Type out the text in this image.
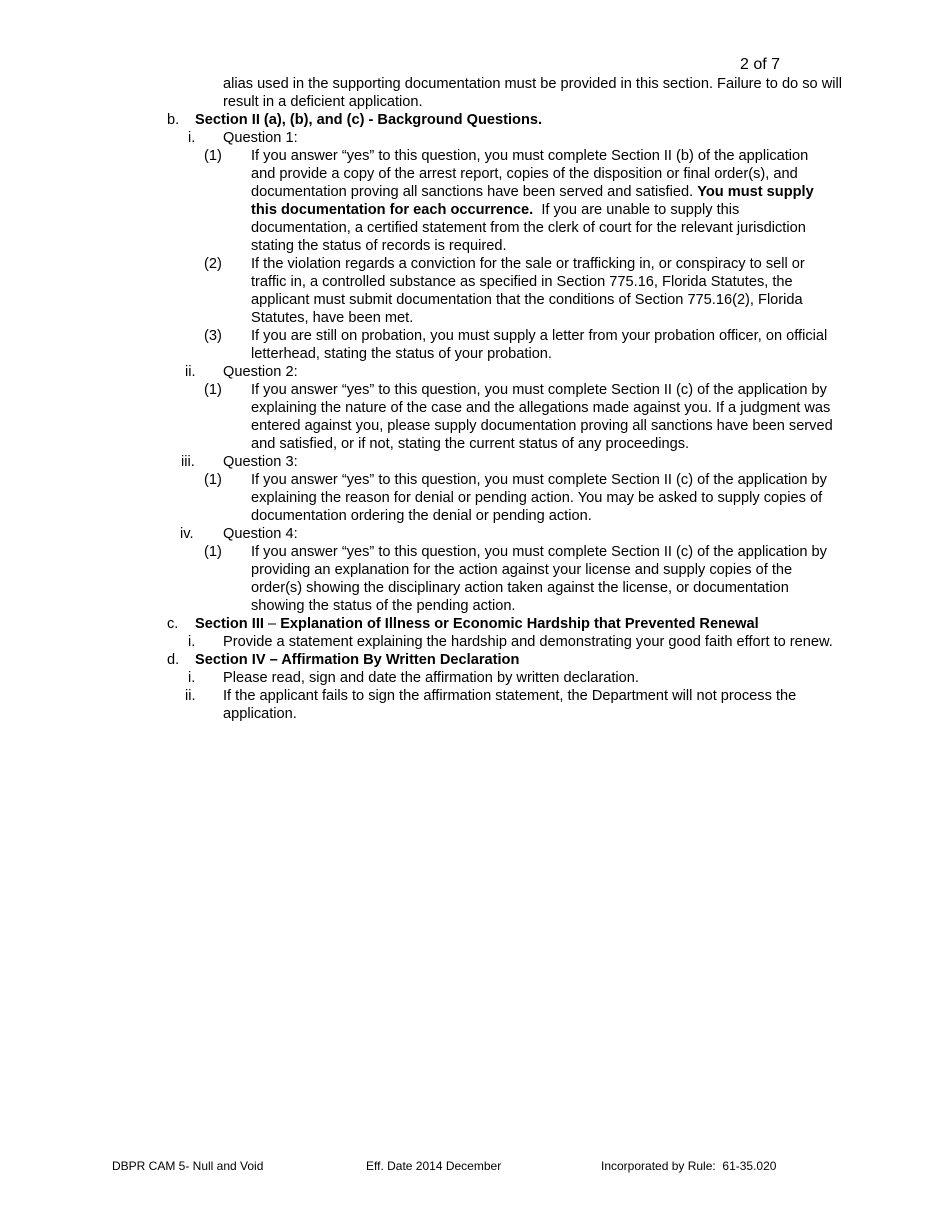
2 of 7
alias used in the supporting documentation must be provided in this section. Failure to do so will result in a deficient application.
b. Section II (a), (b), and (c) - Background Questions.
i. Question 1:
(1) If you answer “yes” to this question, you must complete Section II (b) of the application and provide a copy of the arrest report, copies of the disposition or final order(s), and documentation proving all sanctions have been served and satisfied. You must supply this documentation for each occurrence. If you are unable to supply this documentation, a certified statement from the clerk of court for the relevant jurisdiction stating the status of records is required.
(2) If the violation regards a conviction for the sale or trafficking in, or conspiracy to sell or traffic in, a controlled substance as specified in Section 775.16, Florida Statutes, the applicant must submit documentation that the conditions of Section 775.16(2), Florida Statutes, have been met.
(3) If you are still on probation, you must supply a letter from your probation officer, on official letterhead, stating the status of your probation.
ii. Question 2:
(1) If you answer “yes” to this question, you must complete Section II (c) of the application by explaining the nature of the case and the allegations made against you. If a judgment was entered against you, please supply documentation proving all sanctions have been served and satisfied, or if not, stating the current status of any proceedings.
iii. Question 3:
(1) If you answer “yes” to this question, you must complete Section II (c) of the application by explaining the reason for denial or pending action. You may be asked to supply copies of documentation ordering the denial or pending action.
iv. Question 4:
(1) If you answer “yes” to this question, you must complete Section II (c) of the application by providing an explanation for the action against your license and supply copies of the order(s) showing the disciplinary action taken against the license, or documentation showing the status of the pending action.
c. Section III – Explanation of Illness or Economic Hardship that Prevented Renewal
i. Provide a statement explaining the hardship and demonstrating your good faith effort to renew.
d. Section IV – Affirmation By Written Declaration
i. Please read, sign and date the affirmation by written declaration.
ii. If the applicant fails to sign the affirmation statement, the Department will not process the application.
DBPR CAM 5- Null and Void	Eff. Date 2014 December	Incorporated by Rule:  61-35.020
